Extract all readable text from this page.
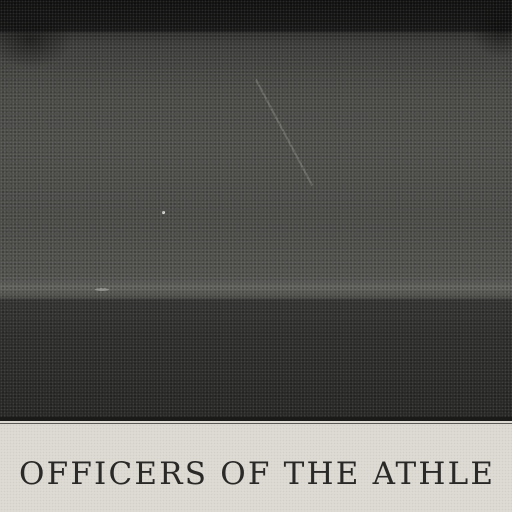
OFFICERS OF THE ATHLE
